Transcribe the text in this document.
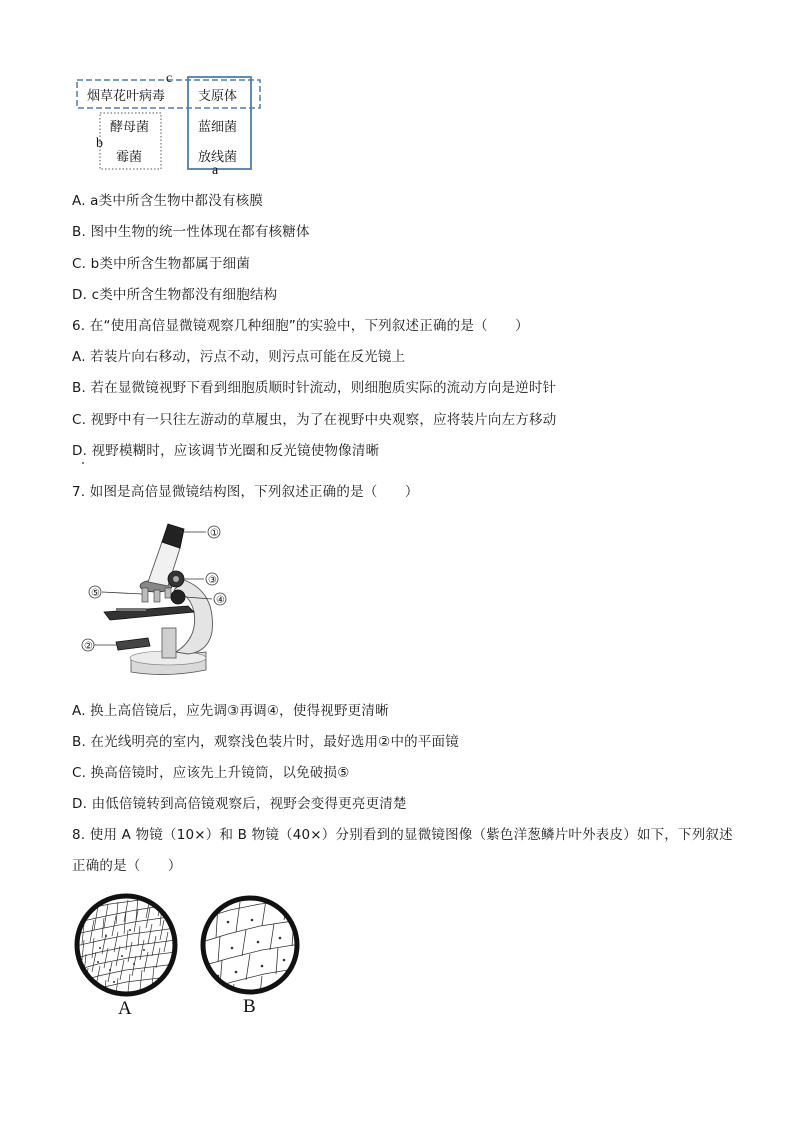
c
b
a
烟草花叶病毒	支原体
酵母菌	蓝细菌
霉菌	放线菌
A. a类中所含生物中都没有核膜
B. 图中生物的统一性体现在都有核糖体
C. b类中所含生物都属于细菌
D. c类中所含生物都没有细胞结构
6. 在“使用高倍显微镜观察几种细胞”的实验中，下列叙述正确的是（　　）
A. 若装片向右移动，污点不动，则污点可能在反光镜上
B. 若在显微镜视野下看到细胞质顺时针流动，则细胞质实际的流动方向是逆时针
C. 视野中有一只往左游动的草履虫，为了在视野中央观察，应将装片向左方移动
D. 视野模糊时，应该调节光圈和反光镜使物像清晰
7. 如图是高倍显微镜结构图，下列叙述正确的是（　　）
①
③
④
⑤
②
A. 换上高倍镜后，应先调③再调④，使得视野更清晰
B. 在光线明亮的室内，观察浅色装片时，最好选用②中的平面镜
C. 换高倍镜时，应该先上升镜筒，以免破损⑤
D. 由低倍镜转到高倍镜观察后，视野会变得更亮更清楚
8. 使用 A 物镜（10×）和 B 物镜（40×）分别看到的显微镜图像（紫色洋葱鳞片叶外表皮）如下，下列叙述
正确的是（　　）
A	B
